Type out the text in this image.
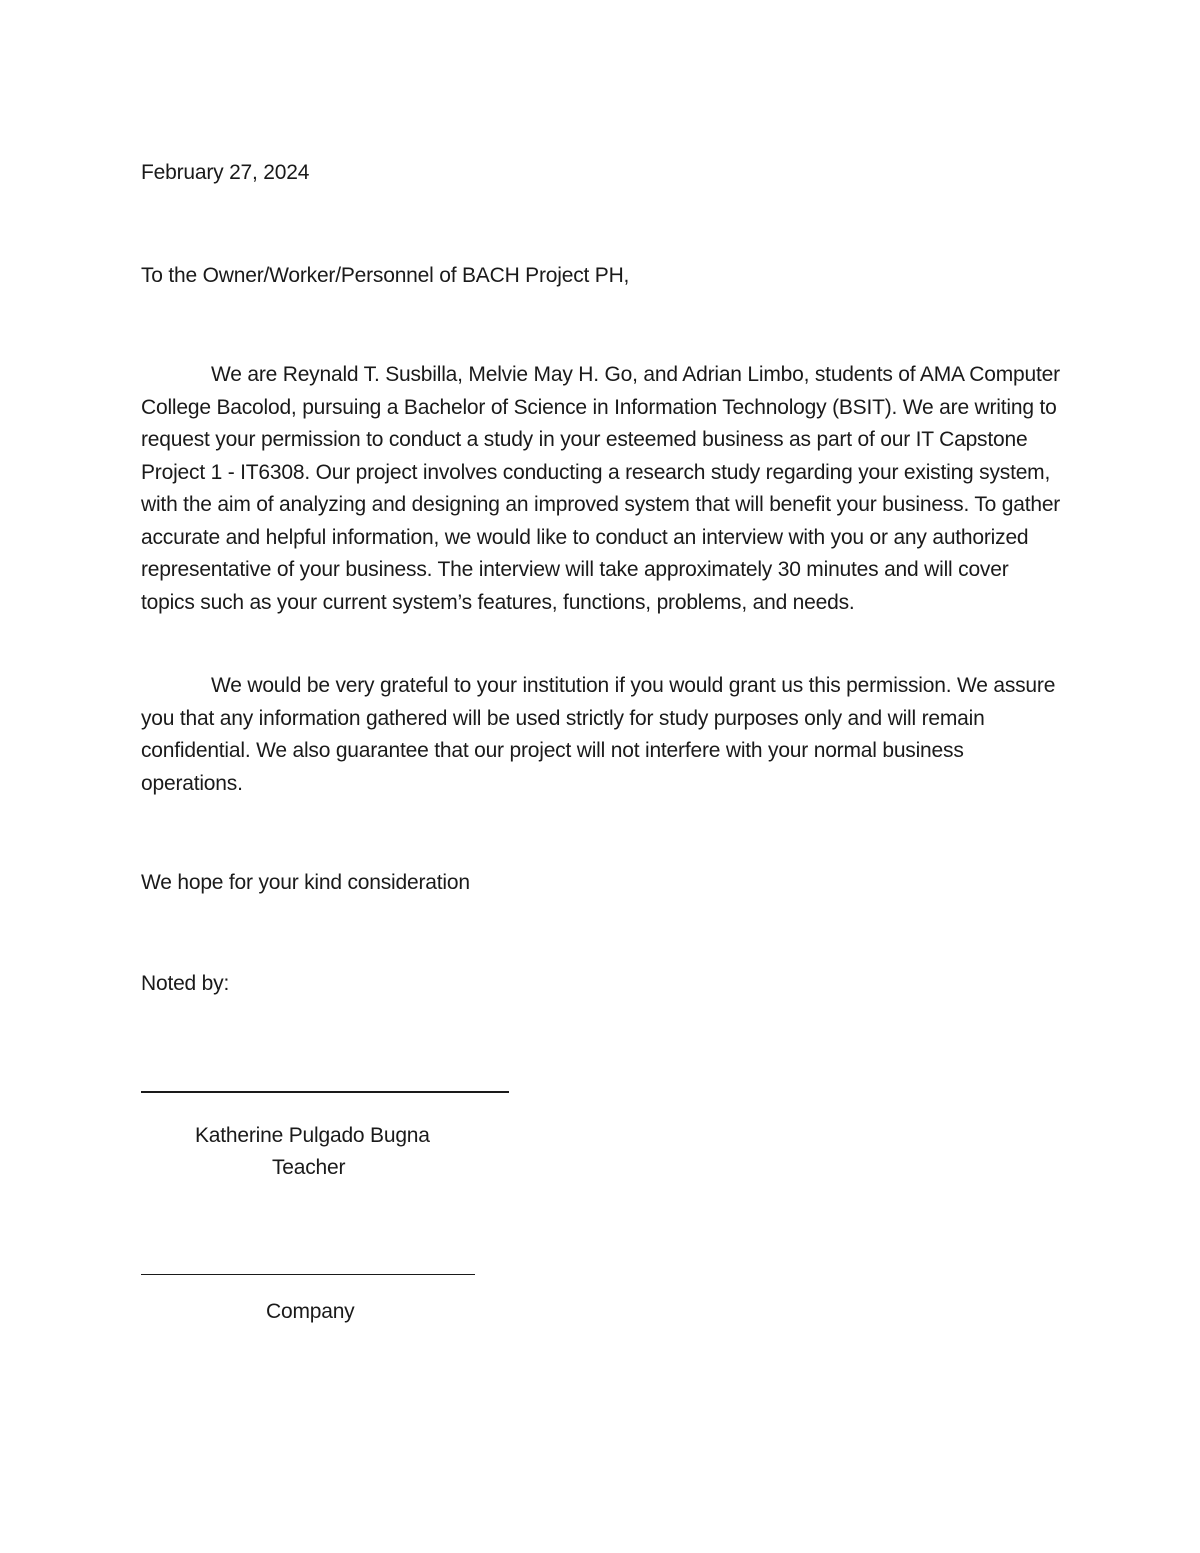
February 27, 2024

To the Owner/Worker/Personnel of BACH Project PH,

We are Reynald T. Susbilla, Melvie May H. Go, and Adrian Limbo, students of AMA Computer College Bacolod, pursuing a Bachelor of Science in Information Technology (BSIT). We are writing to request your permission to conduct a study in your esteemed business as part of our IT Capstone Project 1 - IT6308. Our project involves conducting a research study regarding your existing system, with the aim of analyzing and designing an improved system that will benefit your business. To gather accurate and helpful information, we would like to conduct an interview with you or any authorized representative of your business. The interview will take approximately 30 minutes and will cover topics such as your current system’s features, functions, problems, and needs.

We would be very grateful to your institution if you would grant us this permission. We assure you that any information gathered will be used strictly for study purposes only and will remain confidential. We also guarantee that our project will not interfere with your normal business operations.

We hope for your kind consideration

Noted by:

Katherine Pulgado Bugna

Teacher

Company
